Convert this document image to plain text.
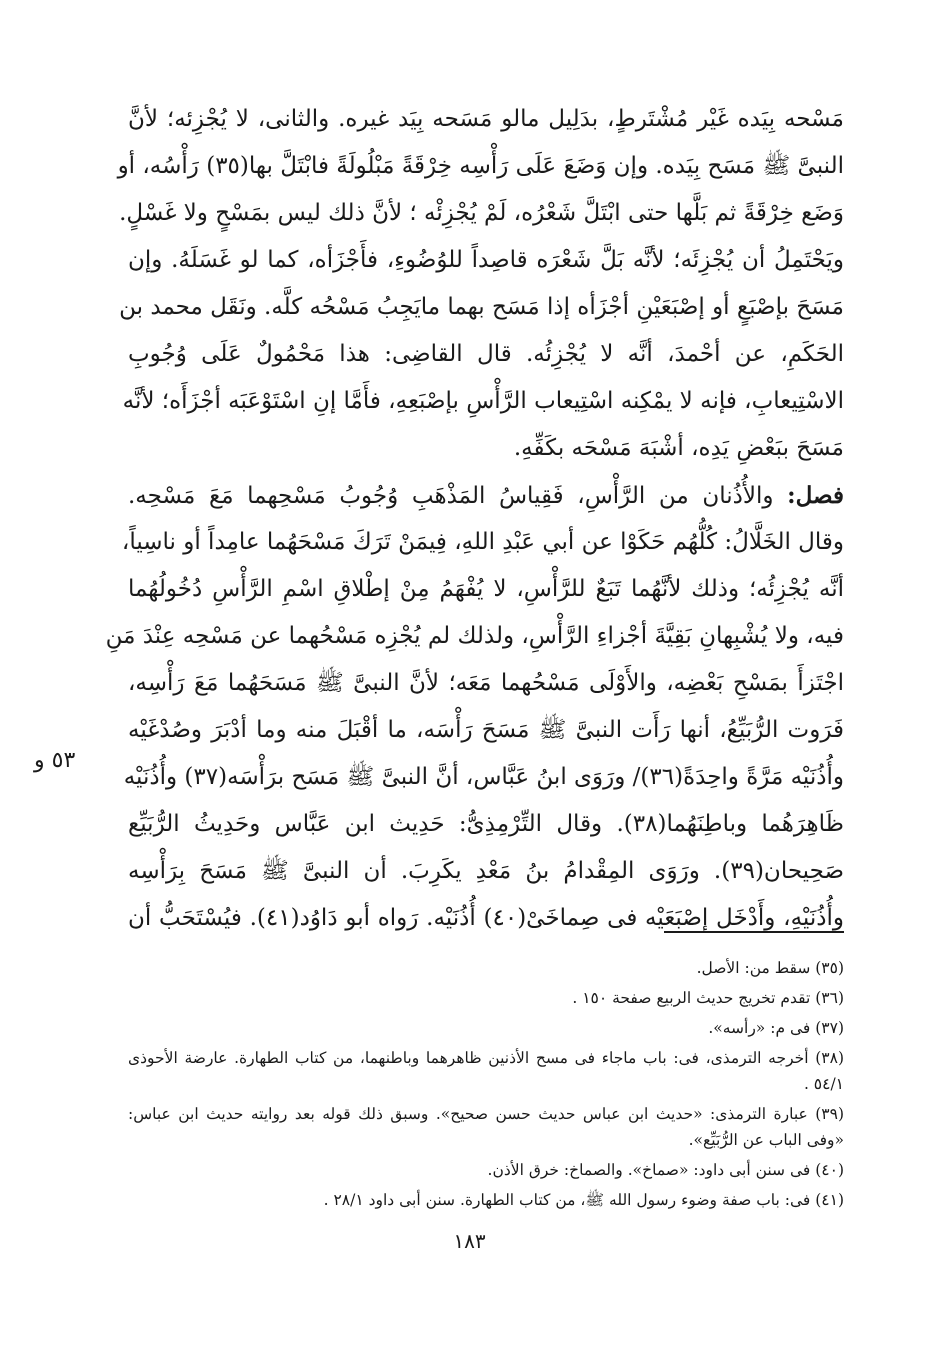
مَسْحه بِيَده غَيْر مُشْتَرطٍ، بدَلِيل مالو مَسَحه بِيَد غيره. والثانى، لا يُجْزِئه؛ لأنَّ
النبىَّ ﷺ مَسَح بِيَده. وإن وَضَعَ عَلَى رَأْسِه خِرْقَةً مَبْلُولَةً فابْتَلَّ بها(٣٥) رَأْسُه، أو
وَضَع خِرْقَةً ثم بَلَّها حتى ابْتَلَّ شَعْرُه، لَمْ يُجْزِئْه ؛ لأنَّ ذلك ليس بمَسْحٍ ولا غَسْلٍ.
ويَحْتَمِلُ أن يُجْزِئَه؛ لأنَّه بَلَّ شَعْرَه قاصِداً للوُضُوءِ، فأَجْزَأه، كما لو غَسَلَهُ. وإن
مَسَحَ بإصْبَعٍ أو إصْبَعَيْنِ أجْزَأه إذا مَسَح بهما مايَجِبُ مَسْحُه كلَّه. ونَقَل محمد بن
الحَكَمِ، عن أحْمدَ، أنَّه لا يُجْزِئُه. قال القاضِى: هذا مَحْمُولٌ عَلَى وُجُوبِ
الاسْتِيعابِ، فإنه لا يمْكِنه اسْتِيعاب الرَّأْسِ بإصْبَعِهِ، فأَمَّا إنِ اسْتَوْعَبَه أجْزَأَه؛ لأنَّه
مَسَحَ ببَعْضِ يَدِه، أشْبَهَ مَسْحَه بكَفِّهِ.
فصل: والأُذُنان من الرَّأْسِ، فَقِياسُ المَذْهَبِ وُجُوبُ مَسْحِهما مَعَ مَسْحِه.
وقال الخَلَّالُ: كُلُّهُم حَكَوْا عن أبي عَبْدِ اللهِ، فِيمَنْ تَرَكَ مَسْحَهُما عامِداً أو ناسِياً،
أنَّه يُجْزِئُه؛ وذلك لأنَّهُما تَبَعٌ للرَّأْسِ، لا يُفْهَمُ مِنْ إطْلاقِ اسْمِ الرَّأْسِ دُخُولُهُما
فيه، ولا يُشْبِهانِ بَقِيَّةَ أجْزاءِ الرَّأْسِ، ولذلك لم يُجْزِه مَسْحُهما عن مَسْحِه عِنْدَ مَنِ
اجْتَزأَ بمَسْحِ بَعْضِه، والأَوْلَى مَسْحُهما مَعَه؛ لأنَّ النبىَّ ﷺ مَسَحَهُما مَعَ رَأْسِه،
فَرَوت الرُّبَيِّعُ، أنها رَأَت النبىَّ ﷺ مَسَحَ رَأْسَه، ما أقْبَلَ منه وما أدْبَرَ وصُدْغَيْه
وأُذُنَيْه مَرَّةً واحِدَةً(٣٦)/ ورَوَى ابنُ عَبَّاس، أنَّ النبىَّ ﷺ مَسَح برَأْسَه(٣٧) وأُذُنَيْه
ظَاهِرَهُما وباطِنَهُما(٣٨). وقال التِّرْمِذِىُّ: حَدِيث ابن عَبَّاس وحَدِيثُ الرُّبَيِّع
صَحِيحان(٣٩). ورَوَى المِقْدامُ بنُ مَعْدِ يكَرِبَ. أن النبىَّ ﷺ مَسَحَ بِرَأْسِه
وأُذُنَيْهِ، وأَدْخَل إصْبَعَيْه فى صِماخَىْ(٤٠) أُذُنَيْه. رَواه أبو دَاوُد(٤١). فيُسْتَحَبُّ أن
٥٣ و
(٣٥) سقط من: الأصل.
(٣٦) تقدم تخريج حديث الربيع صفحة ١٥٠ .
(٣٧) فى م: «رأسه».
(٣٨) أخرجه الترمذى، فى: باب ماجاء فى مسح الأذنين ظاهرهما وباطنهما، من كتاب الطهارة. عارضة الأحوذى ٥٤/١ .
(٣٩) عبارة الترمذى: «حديث ابن عباس حديث حسن صحيح». وسبق ذلك قوله بعد روايته حديث ابن عباس: «وفى الباب عن الرُّبَيِّع».
(٤٠) فى سنن أبى داود: «صماخ». والصماخ: خرق الأذن.
(٤١) فى: باب صفة وضوء رسول الله ﷺ، من كتاب الطهارة. سنن أبى داود ٢٨/١ .
١٨٣
